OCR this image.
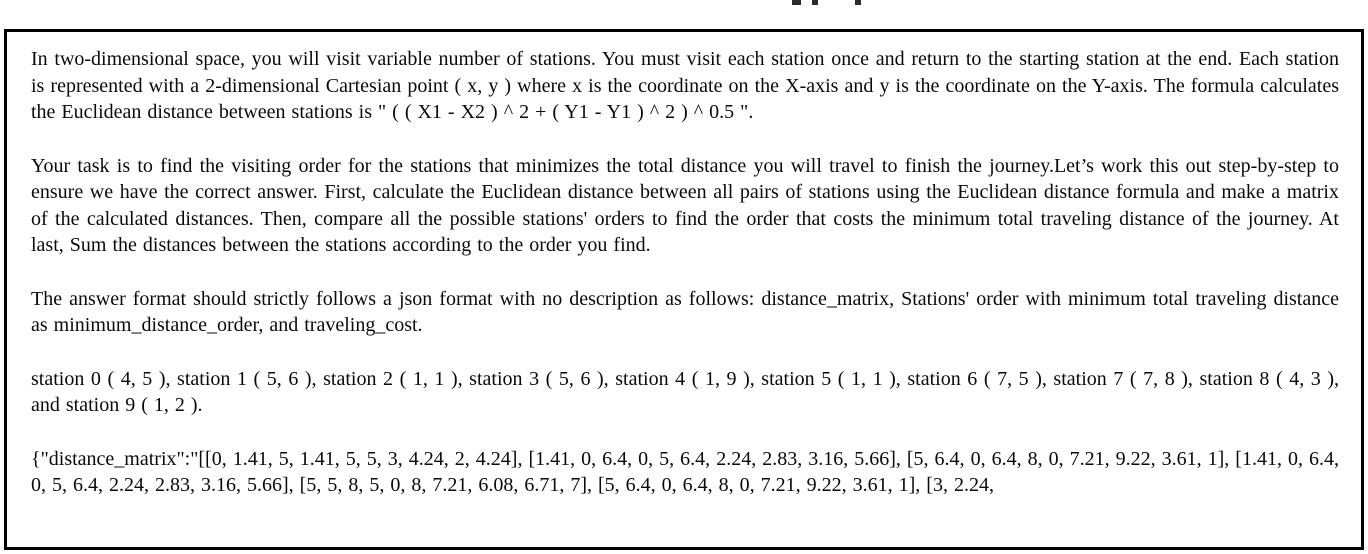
In two-dimensional space, you will visit variable number of stations. You must visit each station once and return to the starting station at the end. Each station is represented with a 2-dimensional Cartesian point ( x, y ) where x is the coordinate on the X-axis and y is the coordinate on the Y-axis. The formula calculates the Euclidean distance between stations is " ( ( X1 - X2 ) ^ 2 + ( Y1 - Y1 ) ^ 2 ) ^ 0.5 ".

Your task is to find the visiting order for the stations that minimizes the total distance you will travel to finish the journey.Let’s work this out step-by-step to ensure we have the correct answer. First, calculate the Euclidean distance between all pairs of stations using the Euclidean distance formula and make a matrix of the calculated distances. Then, compare all the possible stations' orders to find the order that costs the minimum total traveling distance of the journey. At last, Sum the distances between the stations according to the order you find.

The answer format should strictly follows a json format with no description as follows: distance_matrix, Stations' order with minimum total traveling distance as minimum_distance_order, and traveling_cost.

station 0 ( 4, 5 ), station 1 ( 5, 6 ), station 2 ( 1, 1 ), station 3 ( 5, 6 ), station 4 ( 1, 9 ), station 5 ( 1, 1 ), station 6 ( 7, 5 ), station 7 ( 7, 8 ), station 8 ( 4, 3 ), and station 9 ( 1, 2 ).

{"distance_matrix":"[[0, 1.41, 5, 1.41, 5, 5, 3, 4.24, 2, 4.24], [1.41, 0, 6.4, 0, 5, 6.4, 2.24, 2.83, 3.16, 5.66], [5, 6.4, 0, 6.4, 8, 0, 7.21, 9.22, 3.61, 1], [1.41, 0, 6.4, 0, 5, 6.4, 2.24, 2.83, 3.16, 5.66], [5, 5, 8, 5, 0, 8, 7.21, 6.08, 6.71, 7], [5, 6.4, 0, 6.4, 8, 0, 7.21, 9.22, 3.61, 1], [3, 2.24,
